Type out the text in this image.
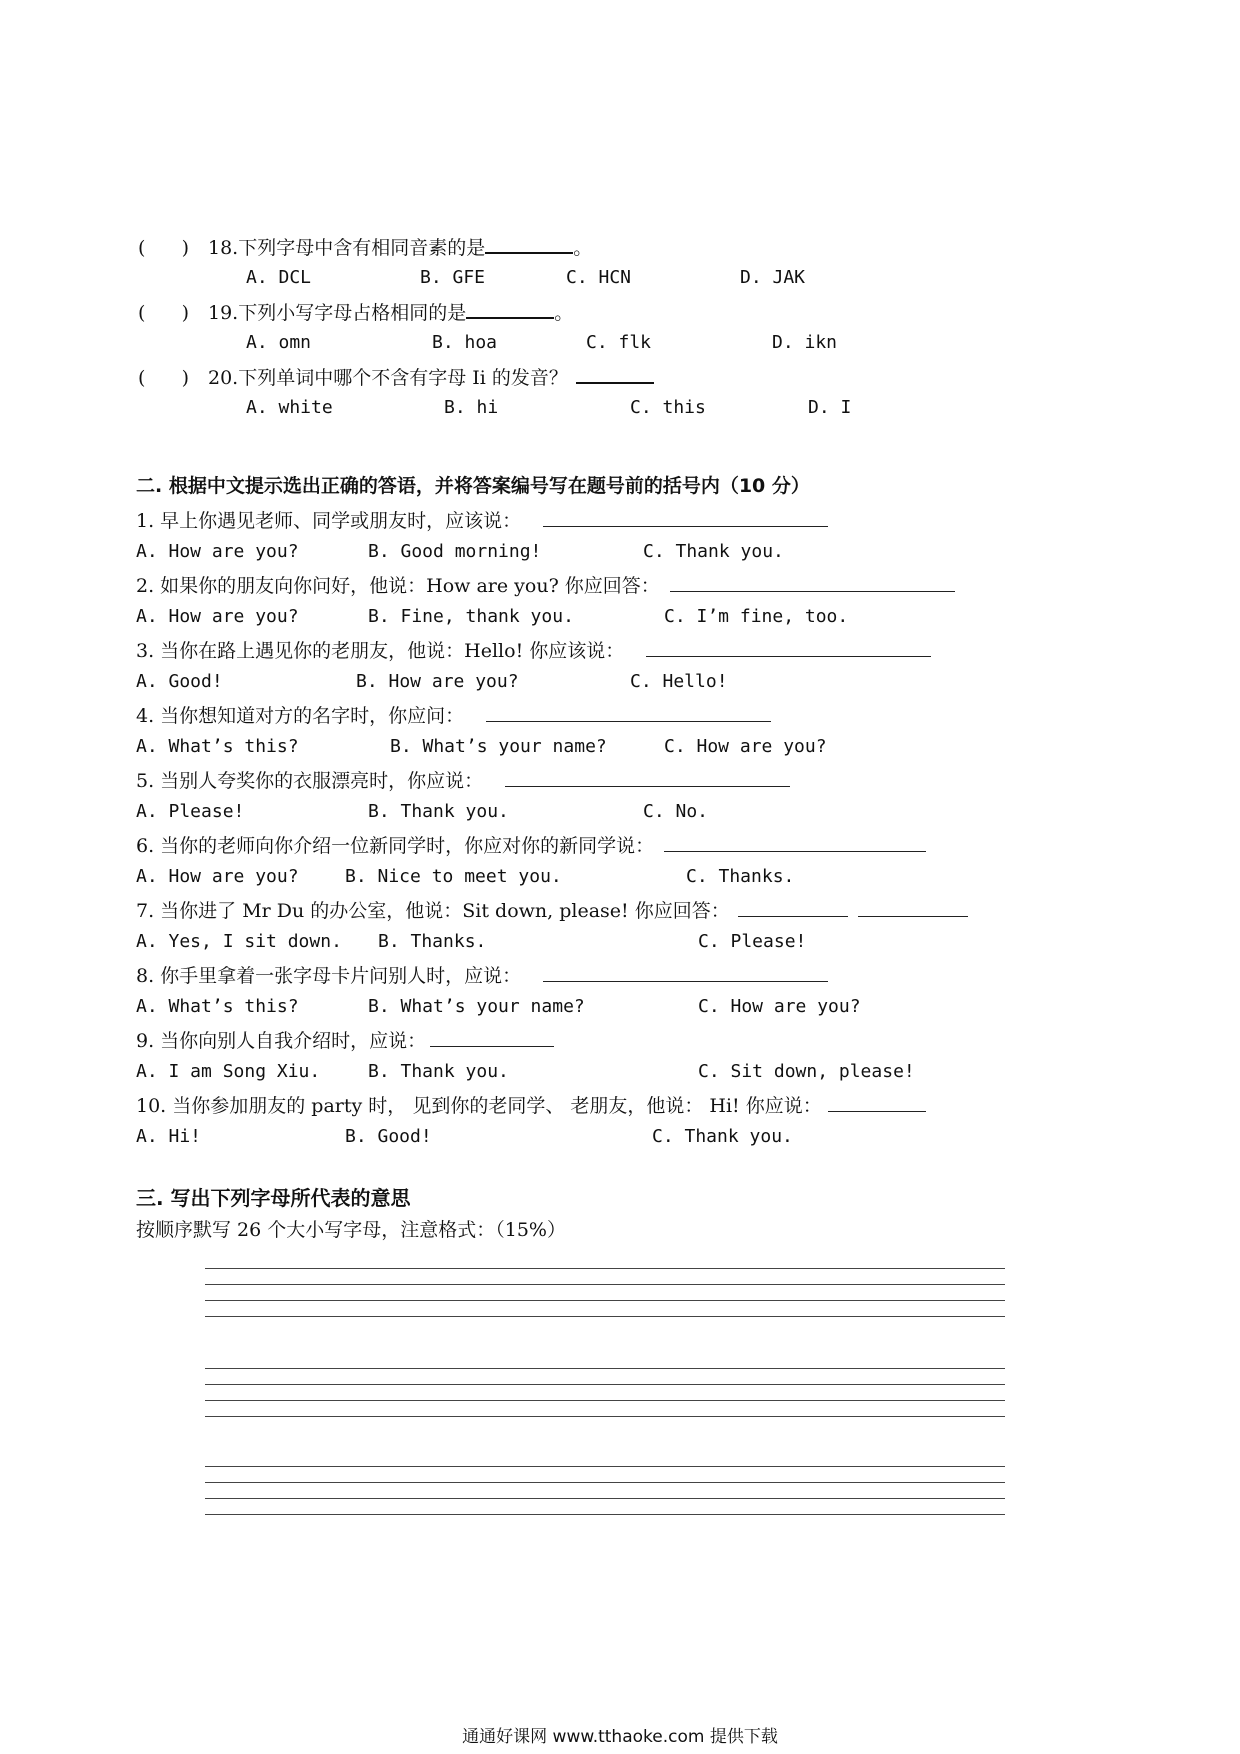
(      ) 18.下列字母中含有相同音素的是	。
A. DCL	B. GFE	C. HCN	D. JAK
(      ) 19.下列小写字母占格相同的是	。
A. omn	B. hoa	C. flk	D. ikn
(      ) 20.下列单词中哪个不含有字母 Ii 的发音？
A. white	B. hi	C. this	D. I
二. 根据中文提示选出正确的答语，并将答案编号写在题号前的括号内（10 分）
1. 早上你遇见老师、同学或朋友时，应该说：
A. How are you?	B. Good morning!	C. Thank you.
2. 如果你的朋友向你问好，他说：How are you? 你应回答：
A. How are you?	B. Fine, thank you.	C. I’m fine, too.
3. 当你在路上遇见你的老朋友，他说：Hello! 你应该说：
A. Good!	B. How are you?	C. Hello!
4. 当你想知道对方的名字时，你应问：
A. What’s this?	B. What’s your name?	C. How are you?
5. 当别人夸奖你的衣服漂亮时，你应说：
A. Please!	B. Thank you.	C. No.
6. 当你的老师向你介绍一位新同学时，你应对你的新同学说：
A. How are you?	B. Nice to meet you.	C. Thanks.
7. 当你进了 Mr Du 的办公室，他说：Sit down, please! 你应回答：
A. Yes, I sit down. B. Thanks.	C. Please!
8. 你手里拿着一张字母卡片问别人时，应说：
A. What’s this?	B. What’s your name?	C. How are you?
9. 当你向别人自我介绍时，应说：
A. I am Song Xiu.	B. Thank you.	C. Sit down, please!
10. 当你参加朋友的 party 时， 见到你的老同学、 老朋友，他说： Hi! 你应说：
A. Hi!	B. Good!	C. Thank you.
三. 写出下列字母所代表的意思
按顺序默写 26 个大小写字母，注意格式：（15%）
通通好课网 www.tthaoke.com 提供下载
